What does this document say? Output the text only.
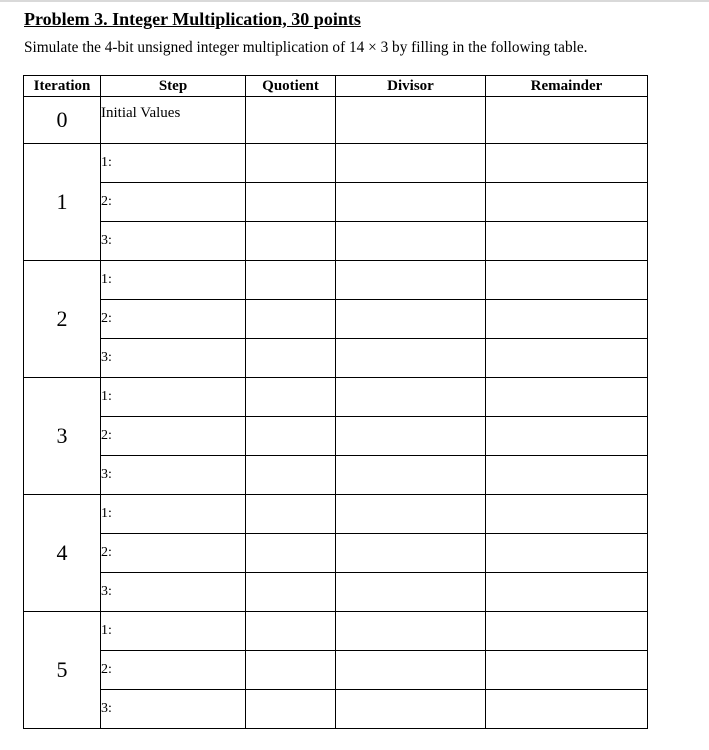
Problem 3. Integer Multiplication, 30 points
Simulate the 4-bit unsigned integer multiplication of 14 × 3 by filling in the following table.
Iteration	Step	Quotient	Divisor	Remainder
0	Initial Values			
1	1:			
	2:			
	3:			
2	1:			
	2:			
	3:			
3	1:			
	2:			
	3:			
4	1:			
	2:			
	3:			
5	1:			
	2:			
	3:			
